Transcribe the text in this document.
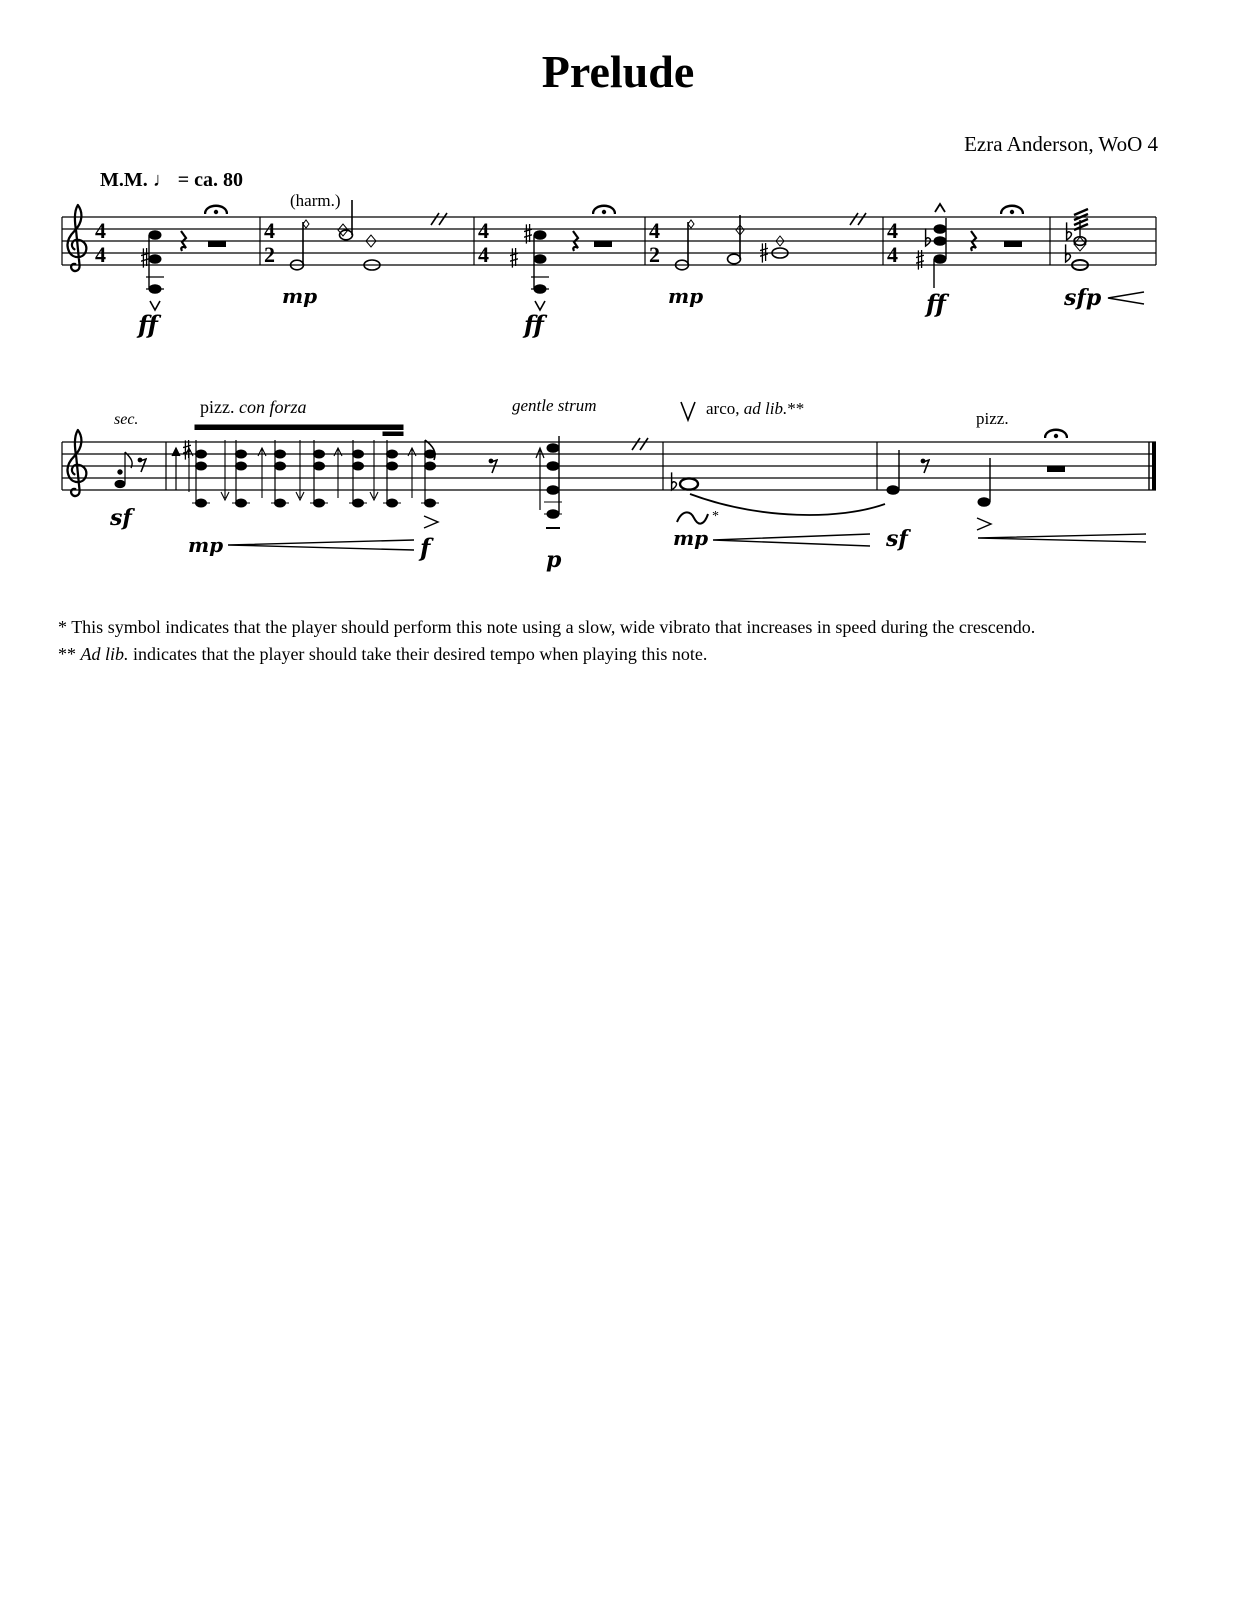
Prelude
Ezra Anderson, WoO 4
M.M. ♩ = ca. 80
4
4
4
2
4
4
4
2
4
4
ff
(harm.)
mp
ff
mp	ff	sfp
sec.
sf
pizz. con forza
mp	f
gentle strum
p
arco, ad lib.**
*
mp	sf
pizz.

* This symbol indicates that the player should perform this note using a slow, wide vibrato that increases in speed during the crescendo.

** Ad lib. indicates that the player should take their desired tempo when playing this note.
